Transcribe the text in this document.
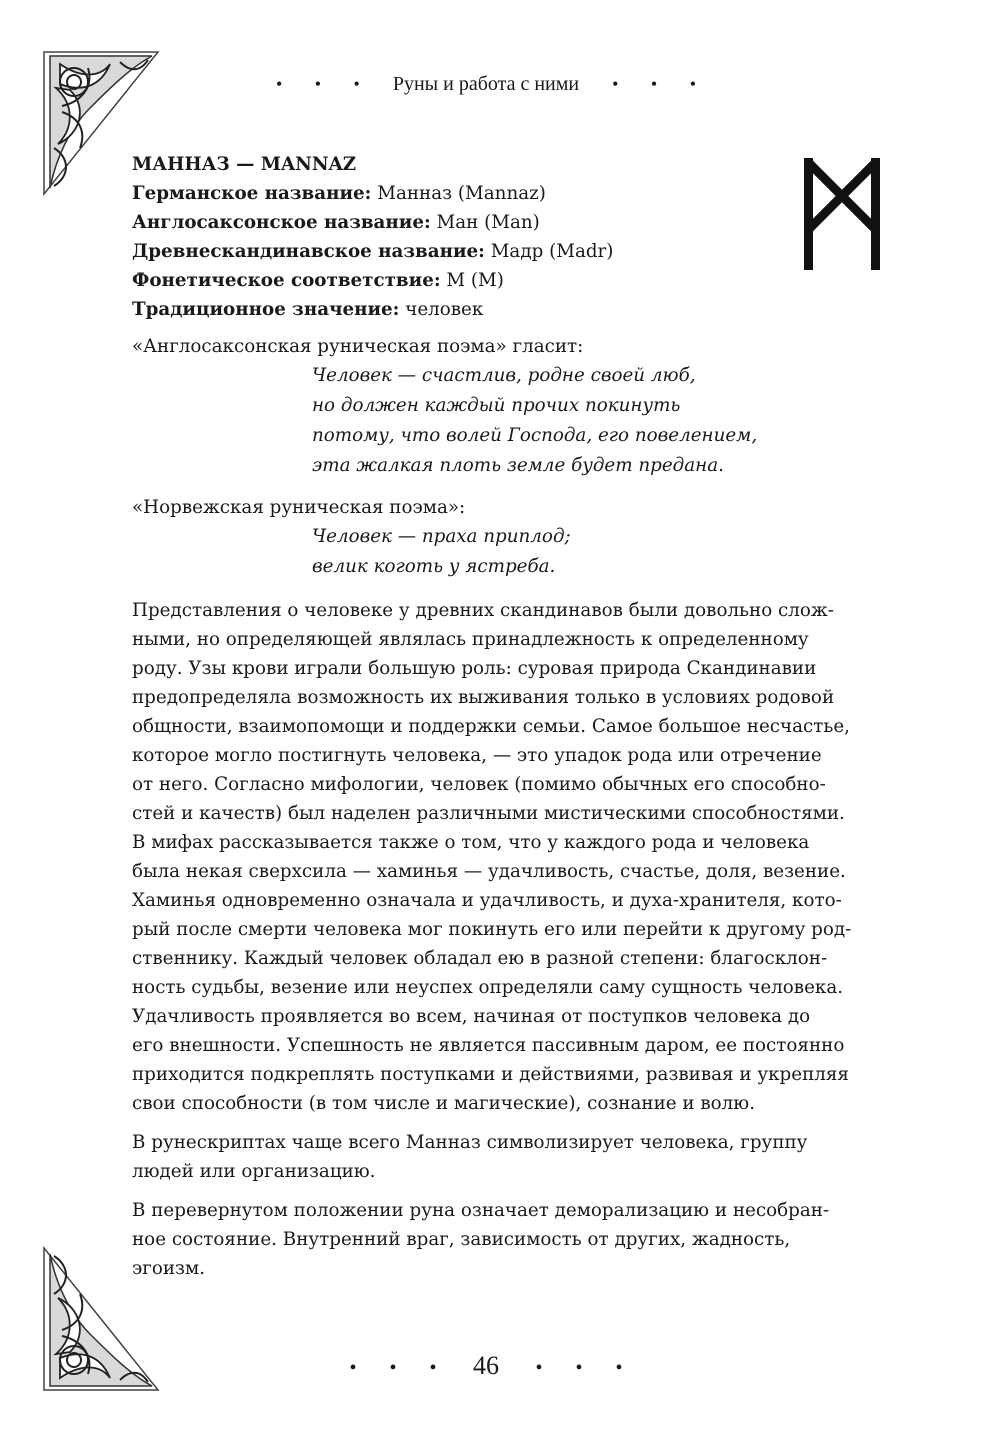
• • • Руны и работа с ними • • •
МАННАЗ — MANNAZ
Германское название: Манназ (Mannaz)
Англосаксонское название: Ман (Man)
Древнескандинавское название: Мадр (Madr)
Фонетическое соответствие: М (M)
Традиционное значение: человек
«Англосаксонская руническая поэма» гласит:
Человек — счастлив, родне своей люб,
но должен каждый прочих покинуть
потому, что волей Господа, его повелением,
эта жалкая плоть земле будет предана.
«Норвежская руническая поэма»:
Человек — праха приплод;
велик коготь у ястреба.
Представления о человеке у древних скандинавов были довольно слож-
ными, но определяющей являлась принадлежность к определенному
роду. Узы крови играли большую роль: суровая природа Скандинавии
предопределяла возможность их выживания только в условиях родовой
общности, взаимопомощи и поддержки семьи. Самое большое несчастье,
которое могло постигнуть человека, — это упадок рода или отречение
от него. Согласно мифологии, человек (помимо обычных его способно-
стей и качеств) был наделен различными мистическими способностями.
В мифах рассказывается также о том, что у каждого рода и человека
была некая сверхсила — хаминья — удачливость, счастье, доля, везение.
Хаминья одновременно означала и удачливость, и духа-хранителя, кото-
рый после смерти человека мог покинуть его или перейти к другому род-
ственнику. Каждый человек обладал ею в разной степени: благосклон-
ность судьбы, везение или неуспех определяли саму сущность человека.
Удачливость проявляется во всем, начиная от поступков человека до
его внешности. Успешность не является пассивным даром, ее постоянно
приходится подкреплять поступками и действиями, развивая и укрепляя
свои способности (в том числе и магические), сознание и волю.
В рунескриптах чаще всего Манназ символизирует человека, группу
людей или организацию.
В перевернутом положении руна означает деморализацию и несобран-
ное состояние. Внутренний враг, зависимость от других, жадность,
эгоизм.
• • • 46 • • •
